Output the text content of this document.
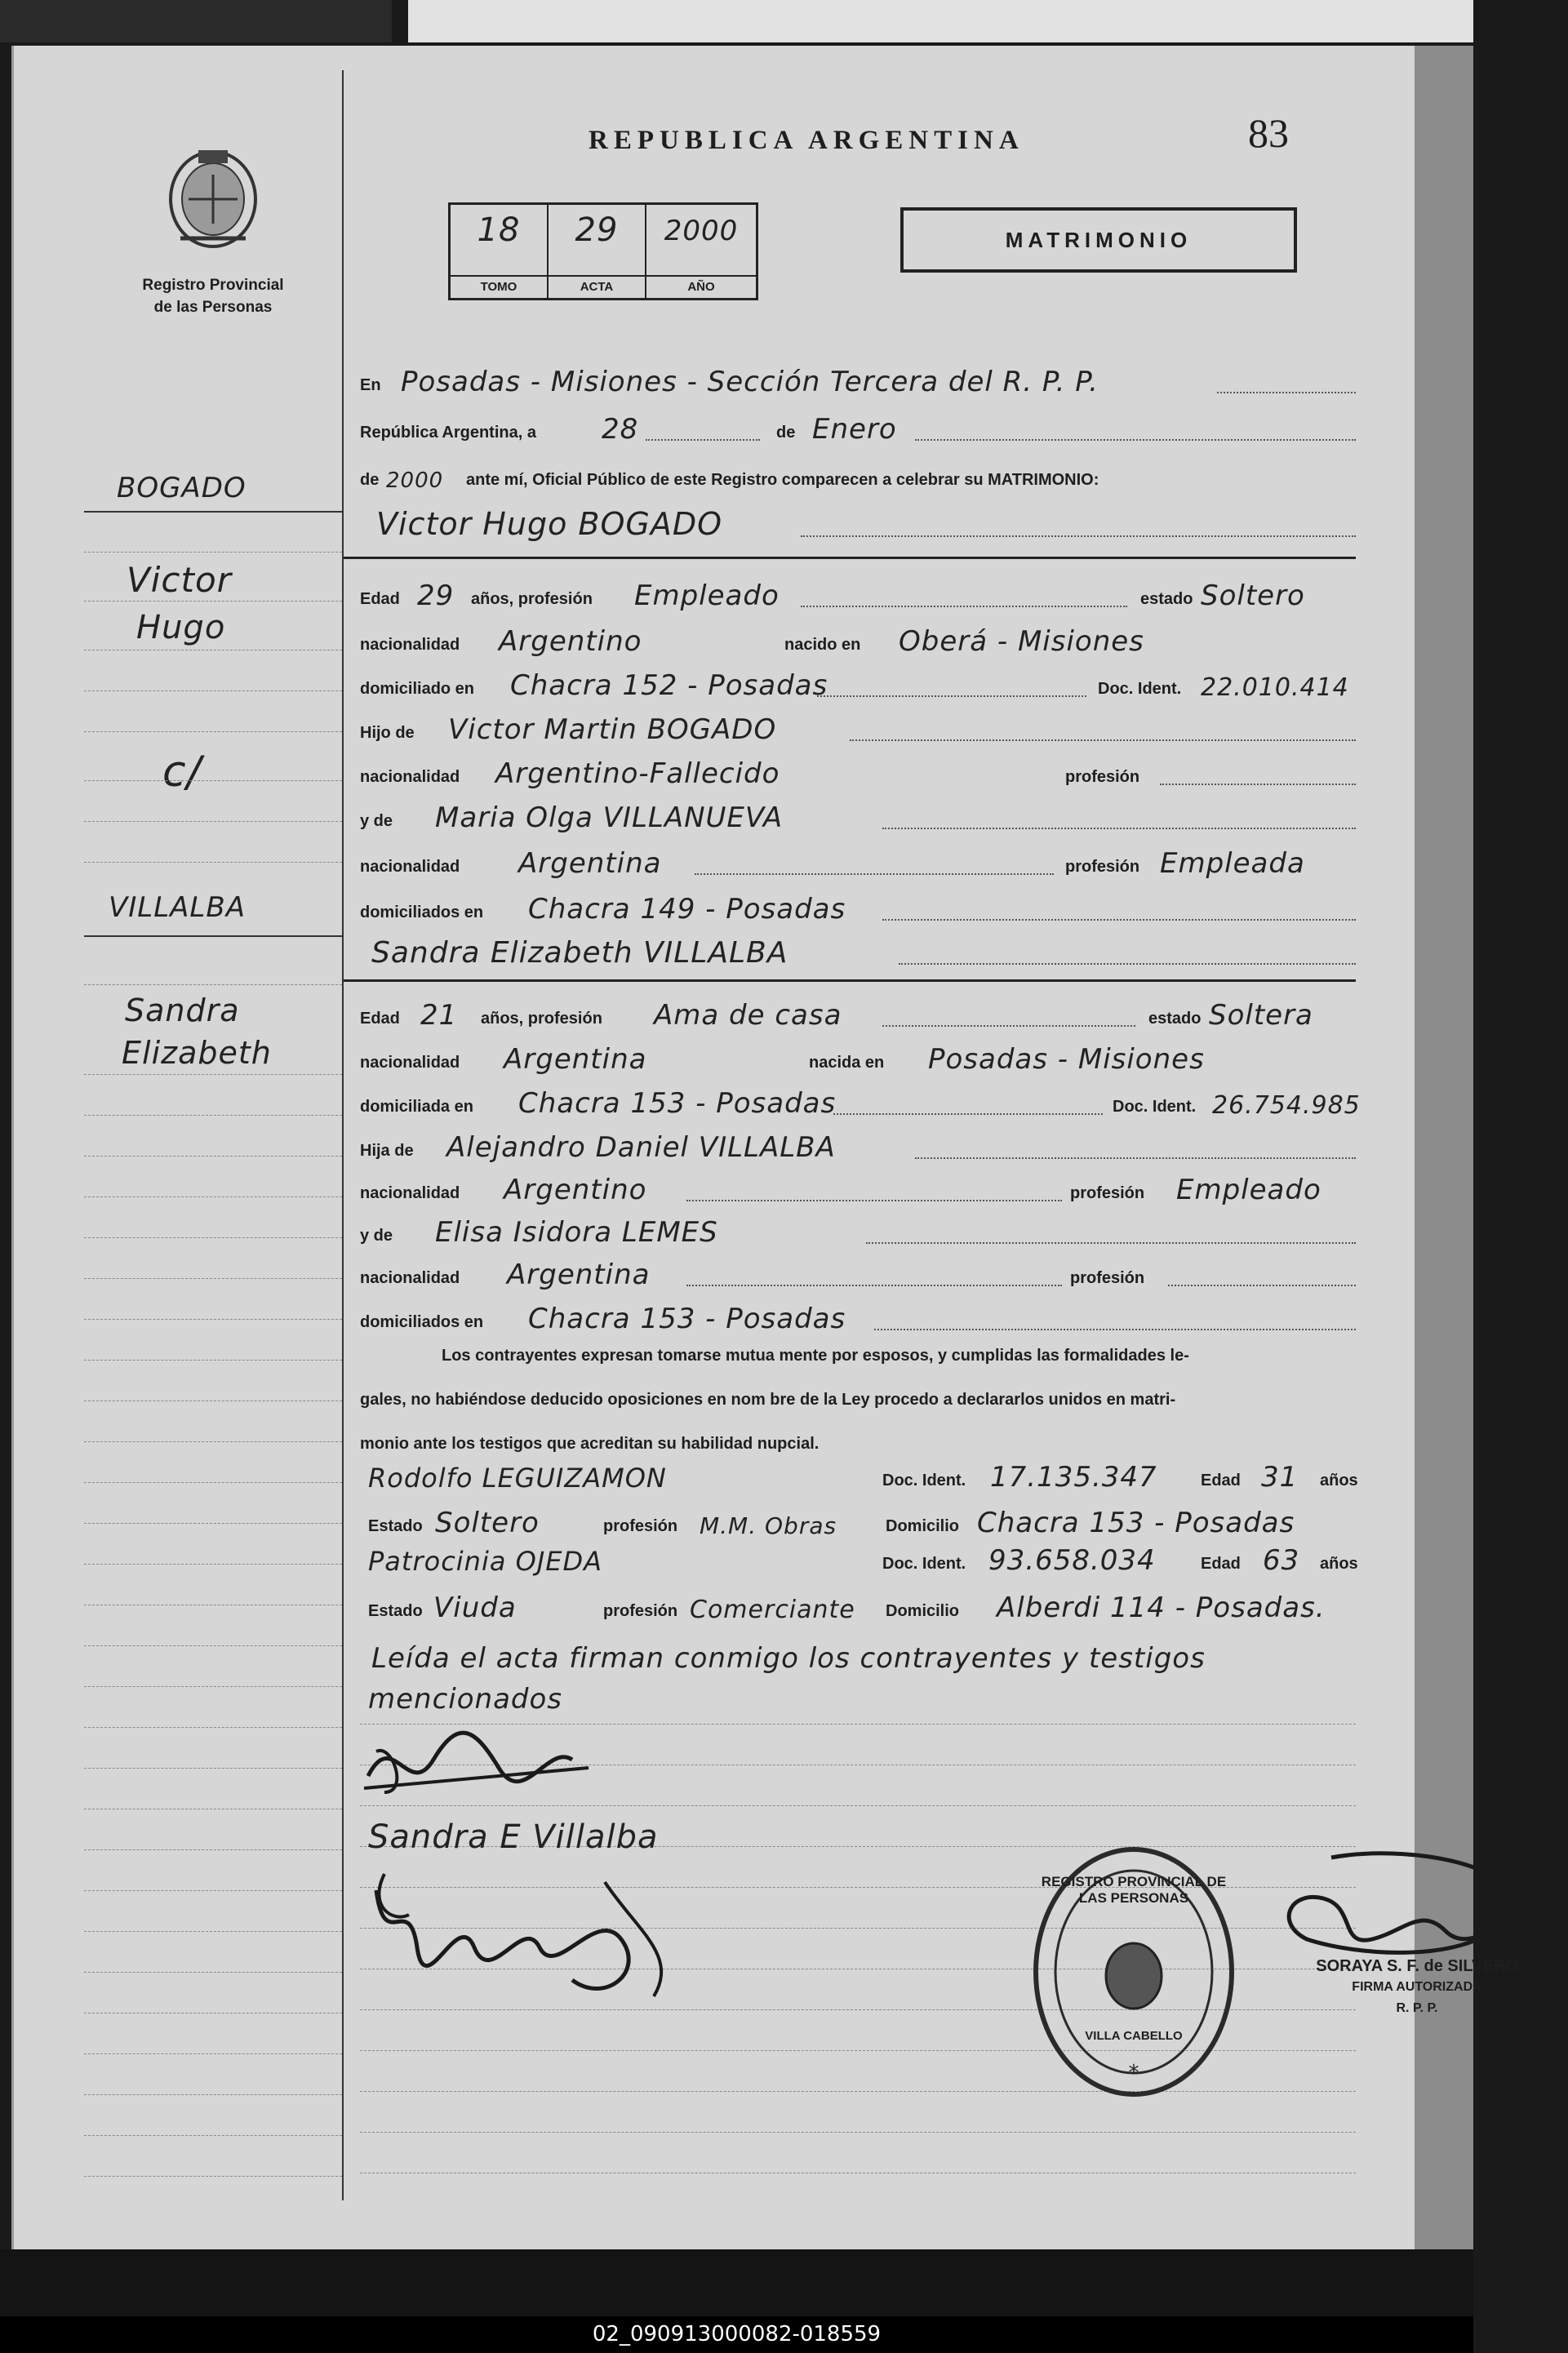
Registro Provincial
de las Personas
BOGADO
Victor
Hugo
c/
VILLALBA
Sandra
Elizabeth
REPUBLICA ARGENTINA	83
18
TOMO
29
ACTA
2000
AÑO
MATRIMONIO
En Posadas - Misiones - Sección Tercera del R. P. P.
República Argentina, a 28	de Enero
de 2000 ante mí, Oficial Público de este Registro comparecen a celebrar su MATRIMONIO:
Victor Hugo BOGADO
Edad 29 años, profesión Empleado	estado Soltero
nacionalidad Argentino	nacido en Oberá - Misiones
domiciliado en Chacra 152 - Posadas	Doc. Ident. 22.010.414
Hijo de Victor Martin BOGADO
nacionalidad Argentino-Fallecido	profesión
y de Maria Olga VILLANUEVA
nacionalidad Argentina	profesión Empleada
domiciliados en Chacra 149 - Posadas
Sandra Elizabeth VILLALBA
Edad 21 años, profesión Ama de casa	estado Soltera
nacionalidad Argentina	nacida en Posadas - Misiones
domiciliada en Chacra 153 - Posadas	Doc. Ident. 26.754.985
Hija de Alejandro Daniel VILLALBA
nacionalidad Argentino	profesión Empleado
y de Elisa Isidora LEMES
nacionalidad Argentina	profesión
domiciliados en Chacra 153 - Posadas
Los contrayentes expresan tomarse mutua mente por esposos, y cumplidas las formalidades le-
gales, no habiéndose deducido oposiciones en nom bre de la Ley procedo a declararlos unidos en matri-
monio ante los testigos que acreditan su habilidad nupcial.
Rodolfo LEGUIZAMON	Doc. Ident. 17.135.347	Edad 31 años
Estado Soltero	profesión M.M. Obras	Domicilio Chacra 153 - Posadas
Patrocinia OJEDA	Doc. Ident. 93.658.034	Edad 63 años
Estado Viuda	profesión Comerciante Domicilio Alberdi 114 - Posadas.
Leída el acta firman conmigo los contrayentes y testigos
mencionados
Sandra E Villalba
*
REGISTRO PROVINCIAL DE LAS PERSONAS
VILLA CABELLO
SORAYA S. F. de SILVERO
FIRMA AUTORIZADA
R. P. P.
02_090913000082-018559
